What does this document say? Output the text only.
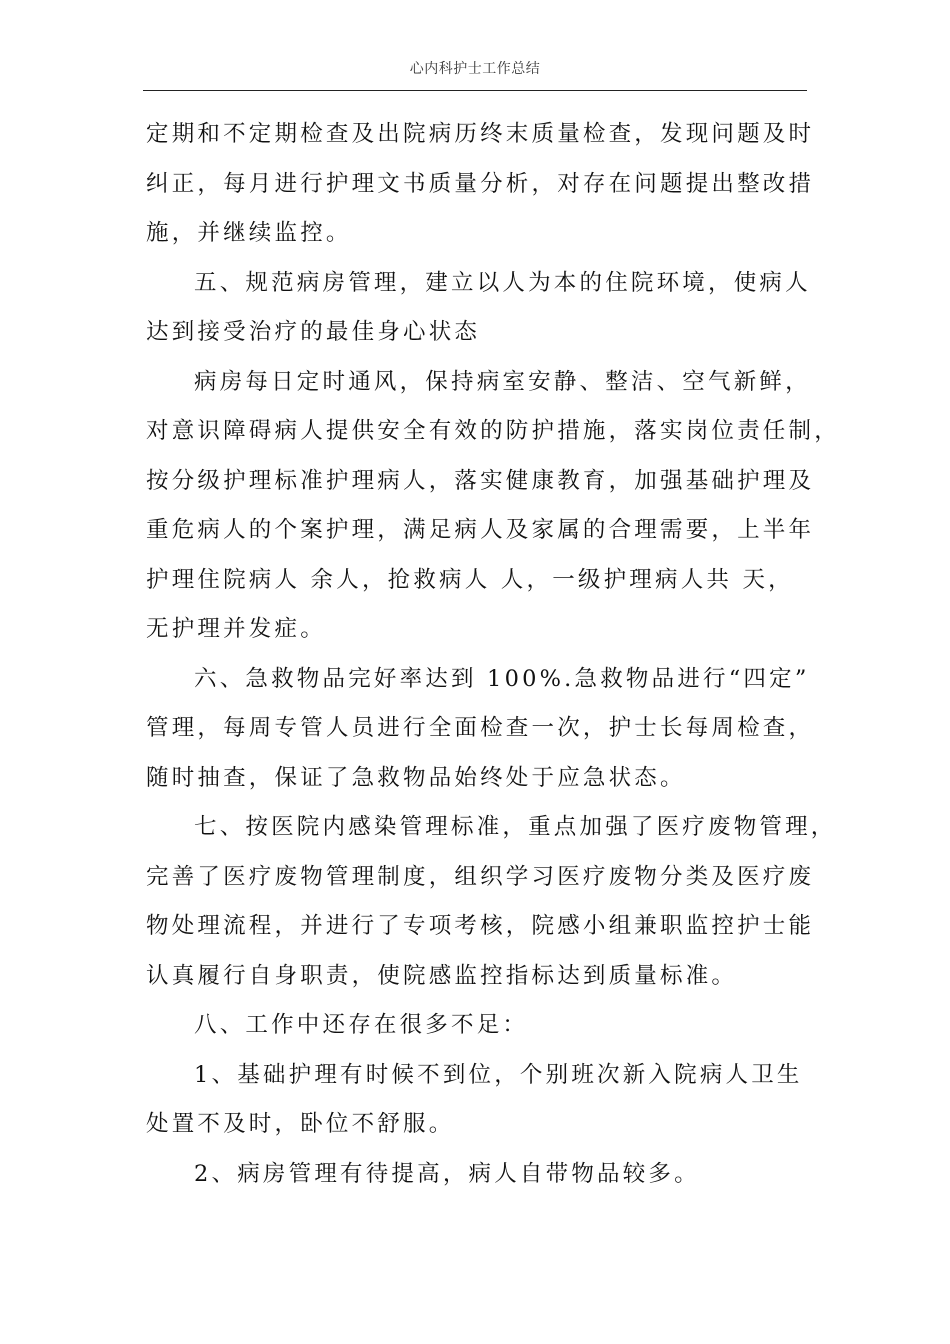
心内科护士工作总结

定期和不定期检查及出院病历终末质量检查，发现问题及时
纠正，每月进行护理文书质量分析，对存在问题提出整改措
施，并继续监控。

五、规范病房管理，建立以人为本的住院环境，使病人
达到接受治疗的最佳身心状态

病房每日定时通风，保持病室安静、整洁、空气新鲜，
对意识障碍病人提供安全有效的防护措施，落实岗位责任制，
按分级护理标准护理病人，落实健康教育，加强基础护理及
重危病人的个案护理，满足病人及家属的合理需要，上半年
护理住院病人 余人，抢救病人 人，一级护理病人共 天，
无护理并发症。

六、急救物品完好率达到 100%.急救物品进行“四定”
管理，每周专管人员进行全面检查一次，护士长每周检查，
随时抽查，保证了急救物品始终处于应急状态。

七、按医院内感染管理标准，重点加强了医疗废物管理，
完善了医疗废物管理制度，组织学习医疗废物分类及医疗废
物处理流程，并进行了专项考核，院感小组兼职监控护士能
认真履行自身职责，使院感监控指标达到质量标准。

八、工作中还存在很多不足：

1、基础护理有时候不到位，个别班次新入院病人卫生
处置不及时，卧位不舒服。

2、病房管理有待提高，病人自带物品较多。
